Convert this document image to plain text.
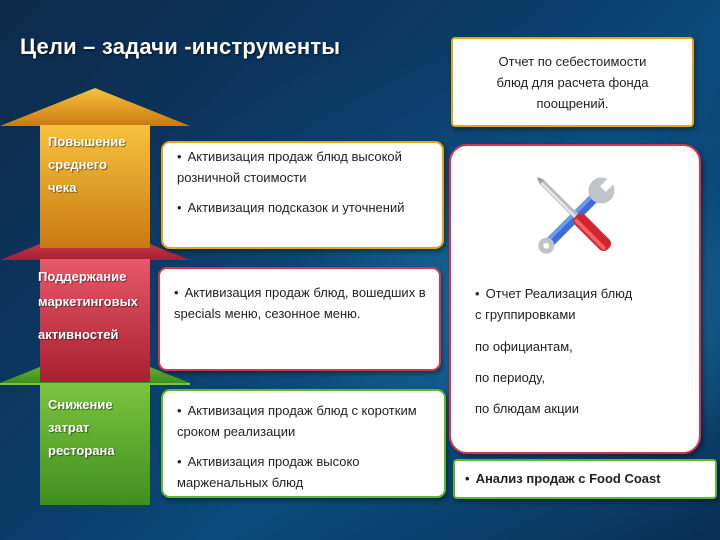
Цели – задачи -инструменты
Повышение
среднего
чека
Поддержание
маркетинговых
активностей
Снижение
затрат
ресторана
• Активизация продаж блюд высокой розничной стоимости
• Активизация подсказок и уточнений
• Активизация продаж блюд, вошедших в specials меню, сезонное меню.
• Активизация продаж блюд с коротким сроком реализации
• Активизация продаж высоко марженальных блюд
Отчет по себестоимости
блюд для расчета фонда
поощрений.
• Отчет Реализация блюд
с группировками
по официантам,
по периоду,
по блюдам акции
• Анализ продаж с Food Coast
